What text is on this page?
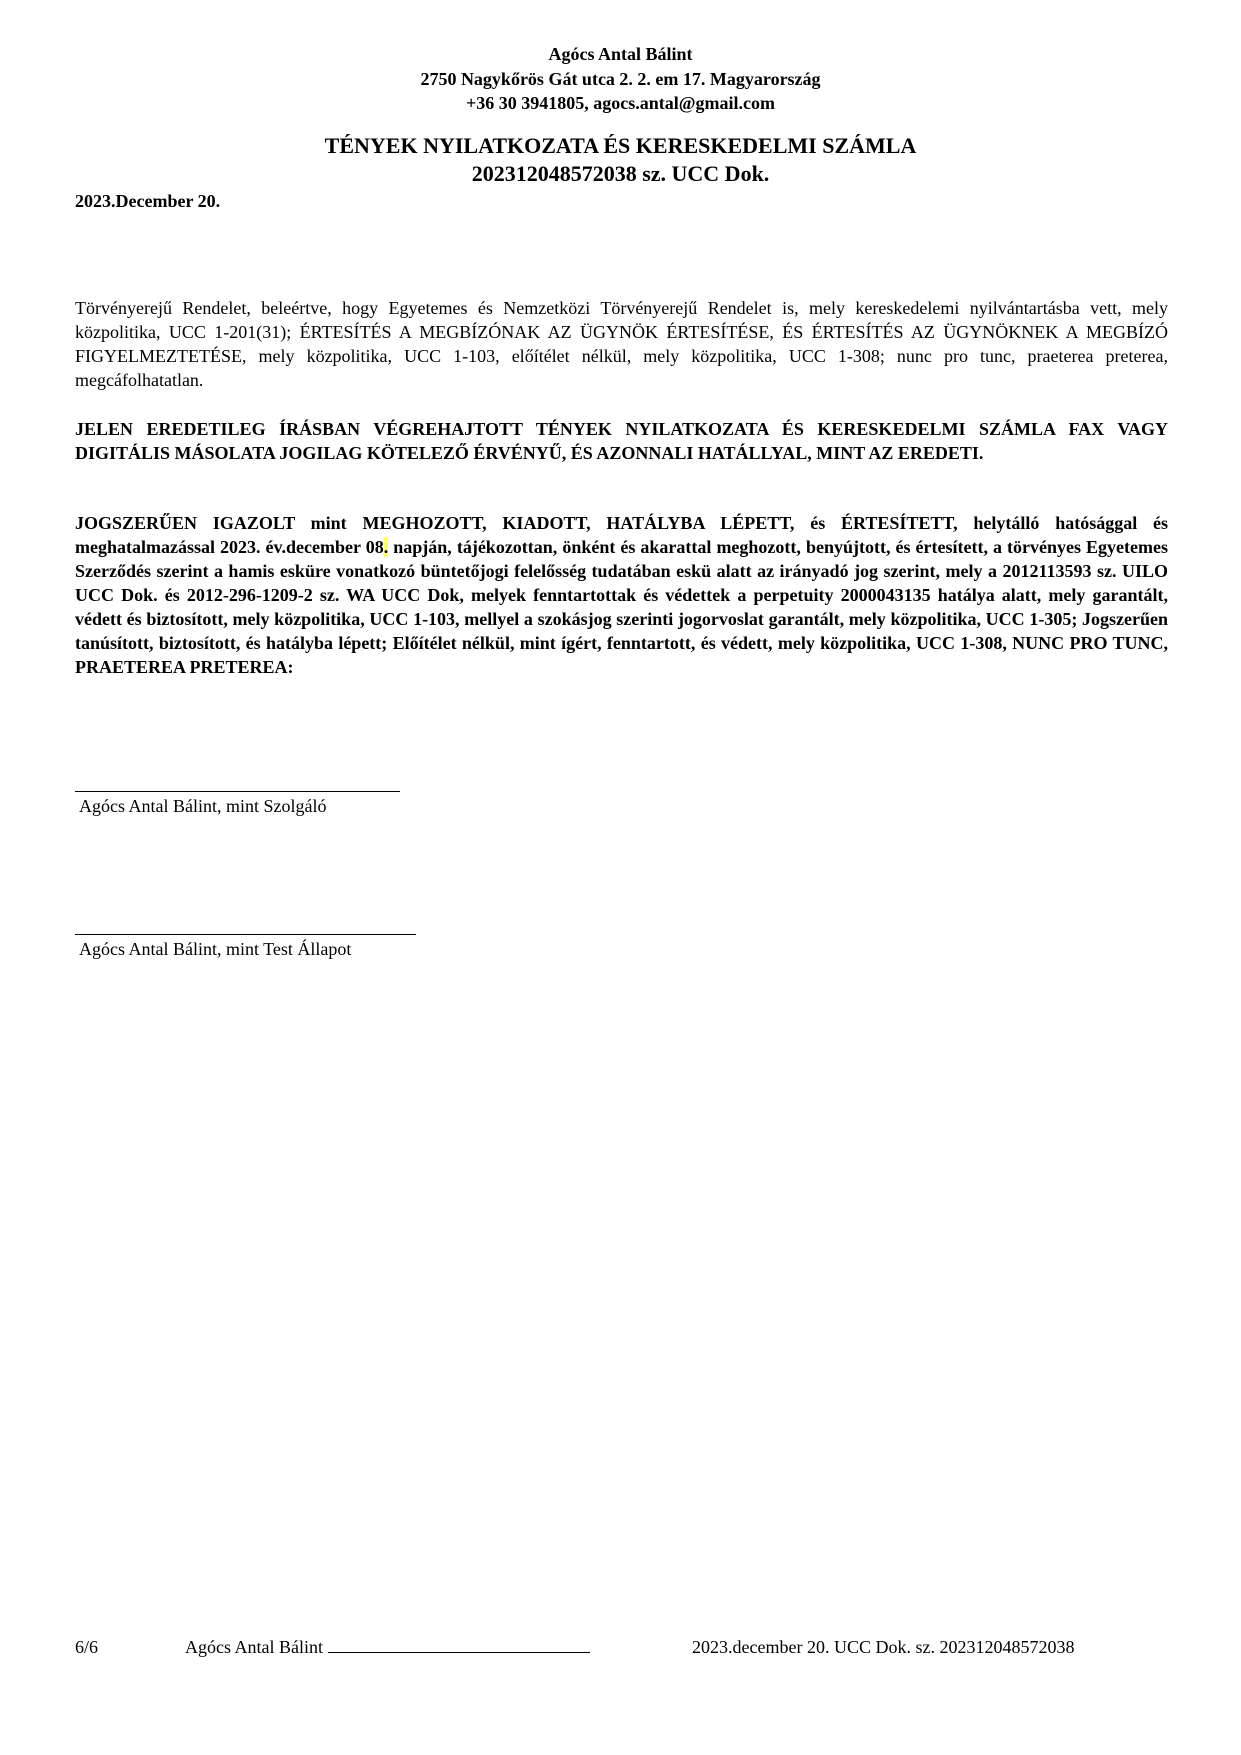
Agócs Antal Bálint
2750 Nagykőrös Gát utca 2. 2. em 17. Magyarország
+36 30 3941805, agocs.antal@gmail.com
TÉNYEK NYILATKOZATA ÉS KERESKEDELMI SZÁMLA
202312048572038 sz. UCC Dok.
2023.December 20.
Törvényerejű Rendelet, beleértve, hogy Egyetemes és Nemzetközi Törvényerejű Rendelet is, mely kereskedelemi nyilvántartásba vett, mely közpolitika, UCC 1-201(31); ÉRTESÍTÉS A MEGBÍZÓNAK AZ ÜGYNÖK ÉRTESÍTÉSE, ÉS ÉRTESÍTÉS AZ ÜGYNÖKNEK A MEGBÍZÓ FIGYELMEZTETÉSE, mely közpolitika, UCC 1-103, előítélet nélkül, mely közpolitika, UCC 1-308; nunc pro tunc, praeterea preterea, megcáfolhatatlan.
JELEN EREDETILEG ÍRÁSBAN VÉGREHAJTOTT TÉNYEK NYILATKOZATA ÉS KERESKEDELMI SZÁMLA FAX VAGY DIGITÁLIS MÁSOLATA JOGILAG KÖTELEZŐ ÉRVÉNYŰ, ÉS AZONNALI HATÁLLYAL, MINT AZ EREDETI.
JOGSZERŰEN IGAZOLT mint MEGHOZOTT, KIADOTT, HATÁLYBA LÉPETT, és ÉRTESÍTETT, helytálló hatósággal és meghatalmazással 2023. év.december 08. napján, tájékozottan, önként és akarattal meghozott, benyújtott, és értesített, a törvényes Egyetemes Szerződés szerint a hamis esküre vonatkozó büntetőjogi felelősség tudatában eskü alatt az irányadó jog szerint, mely a 2012113593 sz. UILO UCC Dok. és 2012-296-1209-2 sz. WA UCC Dok, melyek fenntartottak és védettek a perpetuity 2000043135 hatálya alatt, mely garantált, védett és biztosított, mely közpolitika, UCC 1-103, mellyel a szokásjog szerinti jogorvoslat garantált, mely közpolitika, UCC 1-305; Jogszerűen tanúsított, biztosított, és hatályba lépett; Előítélet nélkül, mint ígért, fenntartott, és védett, mely közpolitika, UCC 1-308, NUNC PRO TUNC, PRAETEREA PRETEREA:
Agócs Antal Bálint, mint Szolgáló
Agócs Antal Bálint, mint Test Állapot
6/6	Agócs Antal Bálint	2023.december 20. UCC Dok. sz. 202312048572038
